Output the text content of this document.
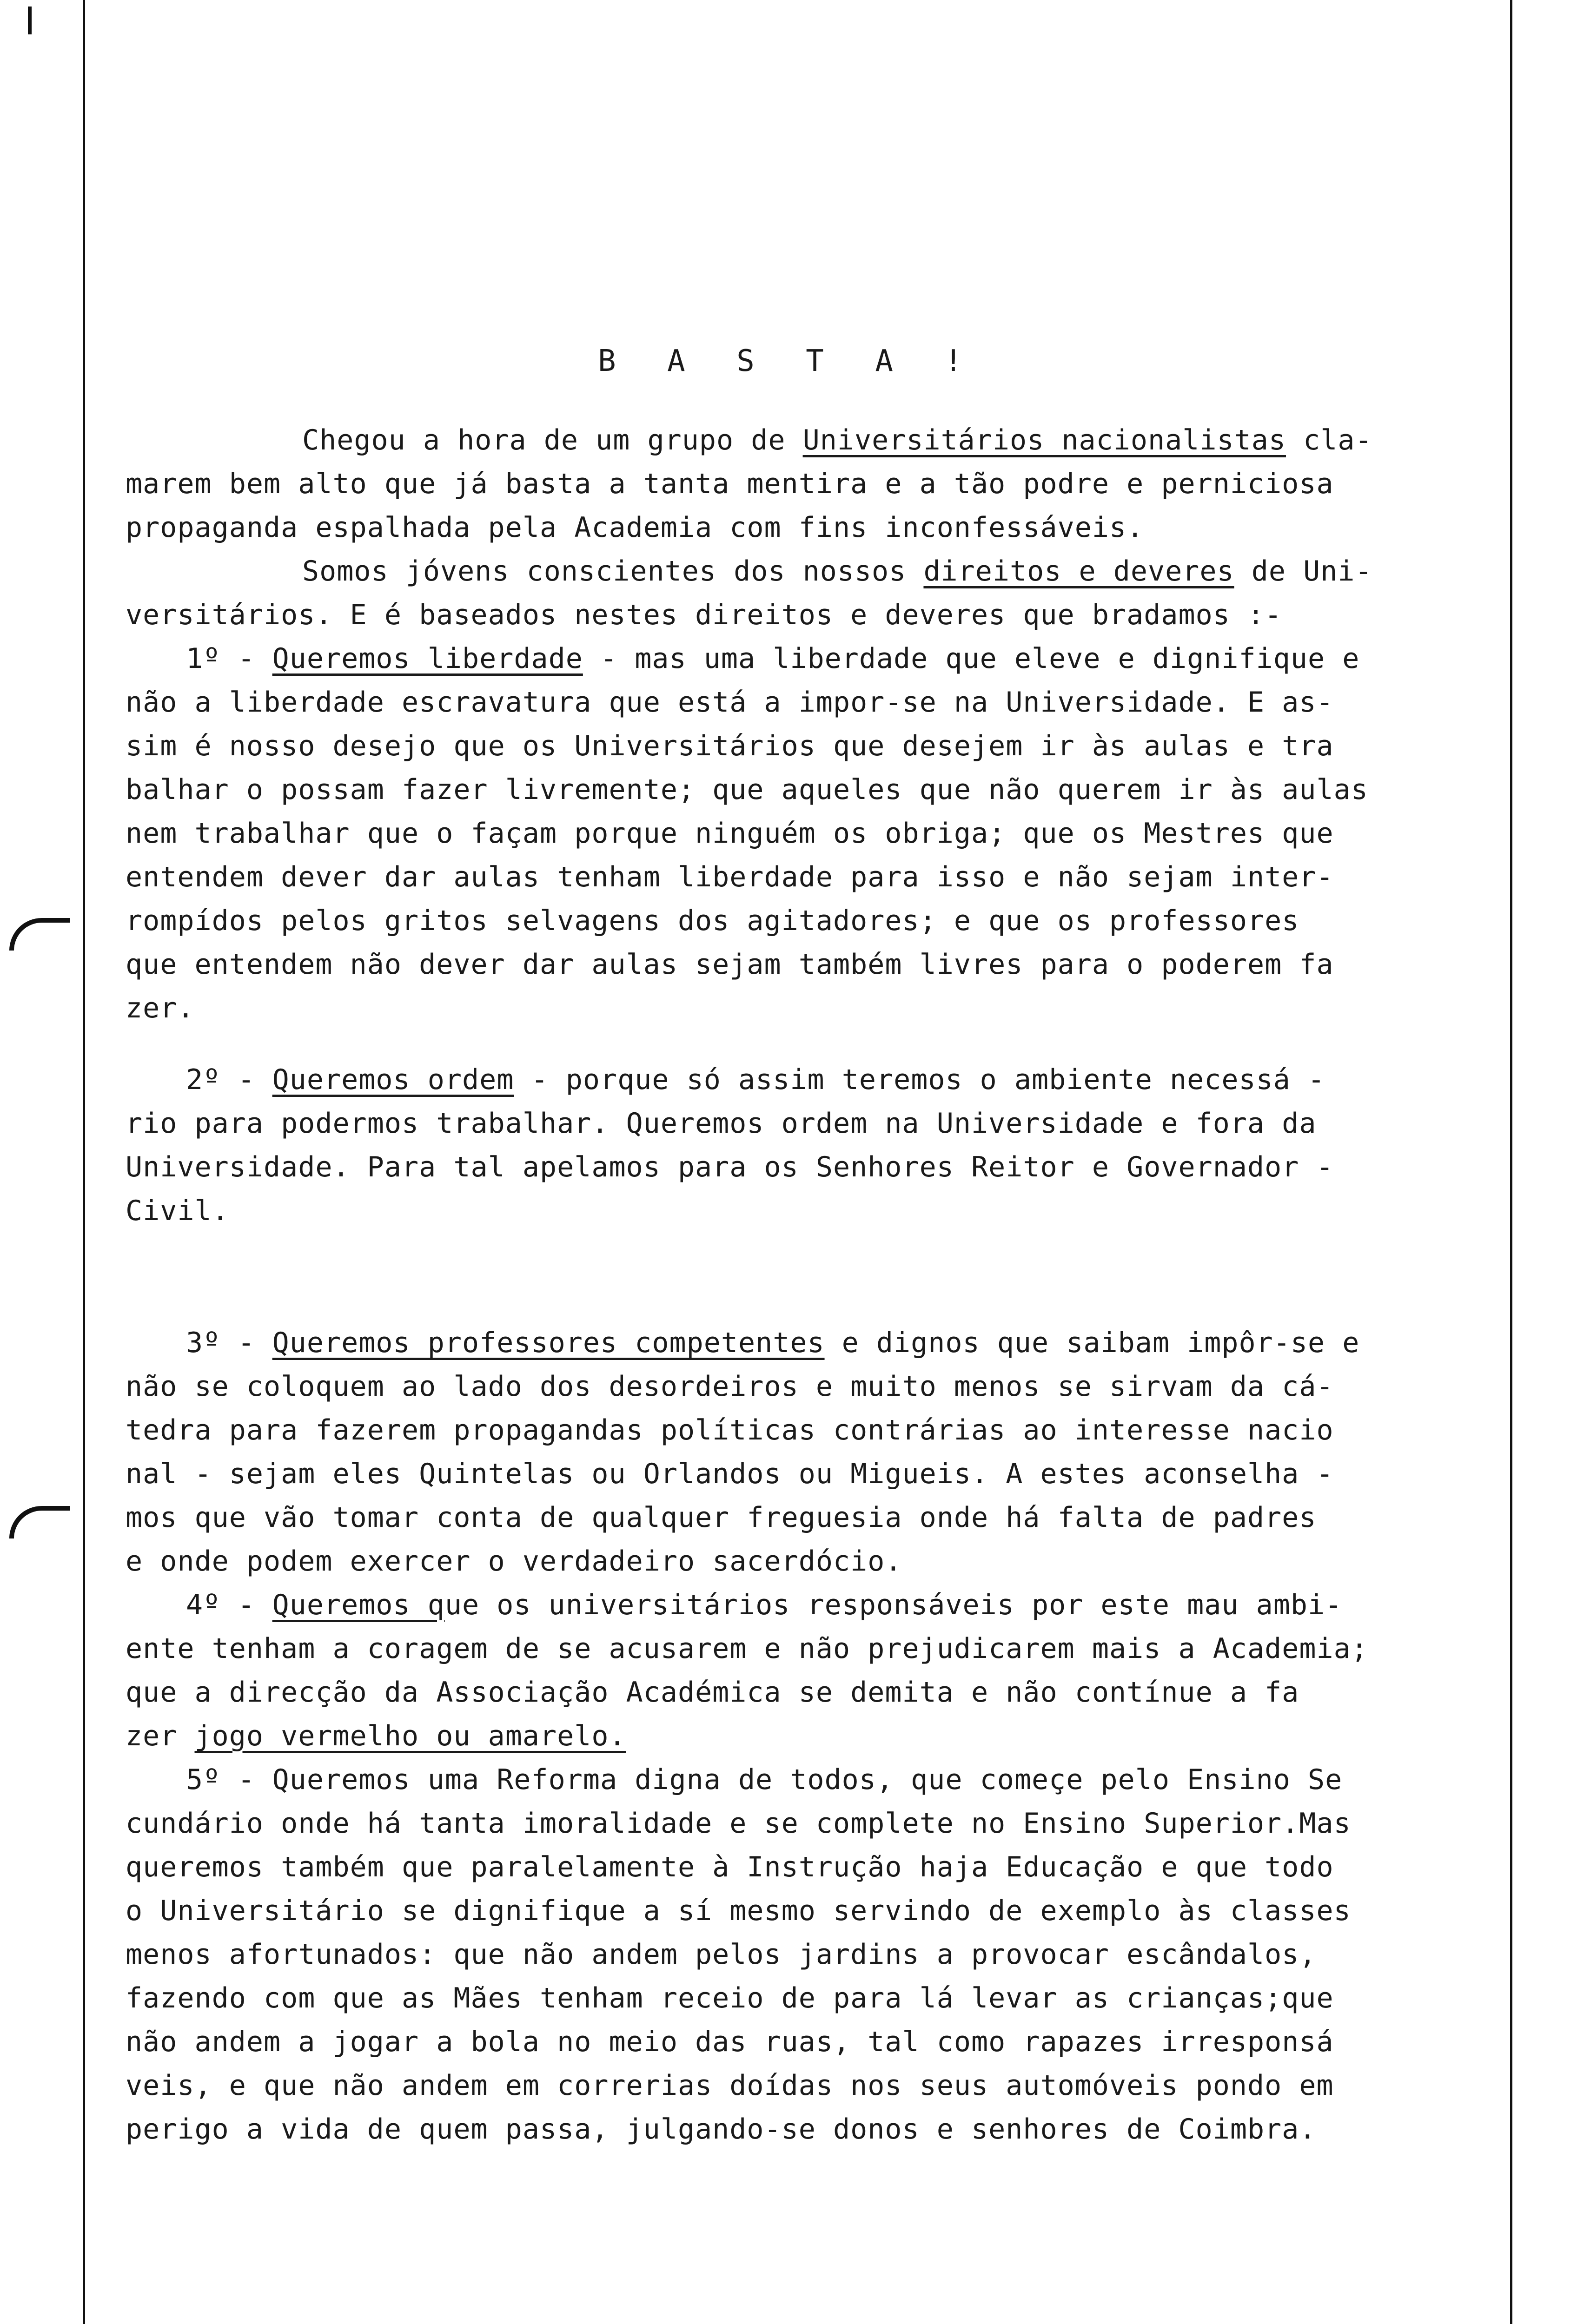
B A S T A !
Chegou a hora de um grupo de Universitários nacionalistas cla-
marem bem alto que já basta a tanta mentira e a tão podre e perniciosa
propaganda espalhada pela Academia com fins inconfessáveis.
Somos jóvens conscientes dos nossos direitos e deveres de Uni-
versitários. E é baseados nestes direitos e deveres que bradamos :-
1º - Queremos liberdade - mas uma liberdade que eleve e dignifique e
não a liberdade escravatura que está a impor-se na Universidade. E as-
sim é nosso desejo que os Universitários que desejem ir às aulas e tra
balhar o possam fazer livremente; que aqueles que não querem ir às aulas
nem trabalhar que o façam porque ninguém os obriga; que os Mestres que
entendem dever dar aulas tenham liberdade para isso e não sejam inter-
rompídos pelos gritos selvagens dos agitadores; e que os professores
que entendem não dever dar aulas sejam também livres para o poderem fa
zer.
2º - Queremos ordem - porque só assim teremos o ambiente necessá -
rio para podermos trabalhar. Queremos ordem na Universidade e fora da
Universidade. Para tal apelamos para os Senhores Reitor e Governador -
Civil.
3º - Queremos professores competentes e dignos que saibam impôr-se e
não se coloquem ao lado dos desordeiros e muito menos se sirvam da cá-
tedra para fazerem propagandas políticas contrárias ao interesse nacio
nal - sejam eles Quintelas ou Orlandos ou Migueis. A estes aconselha -
mos que vão tomar conta de qualquer freguesia onde há falta de padres
e onde podem exercer o verdadeiro sacerdócio.
4º - Queremos que os universitários responsáveis por este mau ambi-
ente tenham a coragem de se acusarem e não prejudicarem mais a Academia;
que a direcção da Associação Académica se demita e não contínue a fa
zer jogo vermelho ou amarelo.
5º - Queremos uma Reforma digna de todos, que começe pelo Ensino Se
cundário onde há tanta imoralidade e se complete no Ensino Superior.Mas
queremos também que paralelamente à Instrução haja Educação e que todo
o Universitário se dignifique a sí mesmo servindo de exemplo às classes
menos afortunados: que não andem pelos jardins a provocar escândalos,
fazendo com que as Mães tenham receio de para lá levar as crianças;que
não andem a jogar a bola no meio das ruas, tal como rapazes irresponsá
veis, e que não andem em correrias doídas nos seus automóveis pondo em
perigo a vida de quem passa, julgando-se donos e senhores de Coimbra.
